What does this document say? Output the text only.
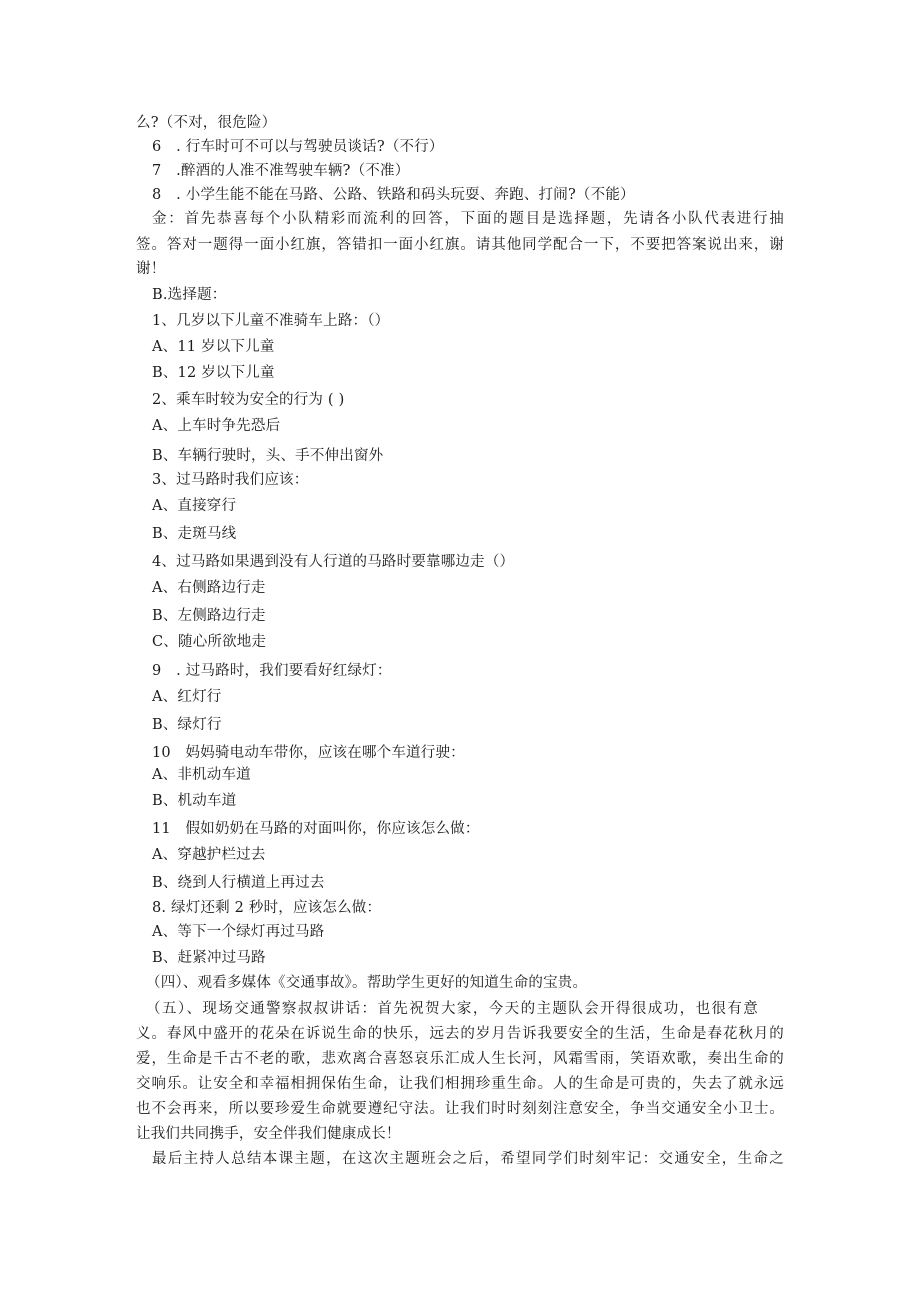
么?（不对，很危险）
6　. 行车时可不可以与驾驶员谈话?（不行）
7　.醉酒的人准不准驾驶车辆?（不准）
8　. 小学生能不能在马路、公路、铁路和码头玩耍、奔跑、打闹?（不能）
金：首先恭喜每个小队精彩而流利的回答，下面的题目是选择题，先请各小队代表进行抽
签。答对一题得一面小红旗，答错扣一面小红旗。请其他同学配合一下，不要把答案说出来，谢
谢！
B.选择题：
1、几岁以下儿童不准骑车上路：（）
A、11 岁以下儿童
B、12 岁以下儿童
2、乘车时较为安全的行为 ( )
A、上车时争先恐后
B、车辆行驶时，头、手不伸出窗外
3、过马路时我们应该：
A、直接穿行
B、走斑马线
4、过马路如果遇到没有人行道的马路时要靠哪边走（）
A、右侧路边行走
B、左侧路边行走
C、随心所欲地走
9　. 过马路时，我们要看好红绿灯：
A、红灯行
B、绿灯行
10　妈妈骑电动车带你，应该在哪个车道行驶：
A、非机动车道
B、机动车道
11　假如奶奶在马路的对面叫你，你应该怎么做：
A、穿越护栏过去
B、绕到人行横道上再过去
8. 绿灯还剩 2 秒时，应该怎么做：
A、等下一个绿灯再过马路
B、赶紧冲过马路
（四）、观看多媒体《交通事故》。帮助学生更好的知道生命的宝贵。
（五）、现场交通警察叔叔讲话：首先祝贺大家，今天的主题队会开得很成功，也很有意
义。春风中盛开的花朵在诉说生命的快乐，远去的岁月告诉我要安全的生活，生命是春花秋月的
爱，生命是千古不老的歌，悲欢离合喜怒哀乐汇成人生长河，风霜雪雨，笑语欢歌，奏出生命的
交响乐。让安全和幸福相拥保佑生命，让我们相拥珍重生命。人的生命是可贵的，失去了就永远
也不会再来，所以要珍爱生命就要遵纪守法。让我们时时刻刻注意安全，争当交通安全小卫士。
让我们共同携手，安全伴我们健康成长！
最后主持人总结本课主题，在这次主题班会之后，希望同学们时刻牢记：交通安全，生命之
